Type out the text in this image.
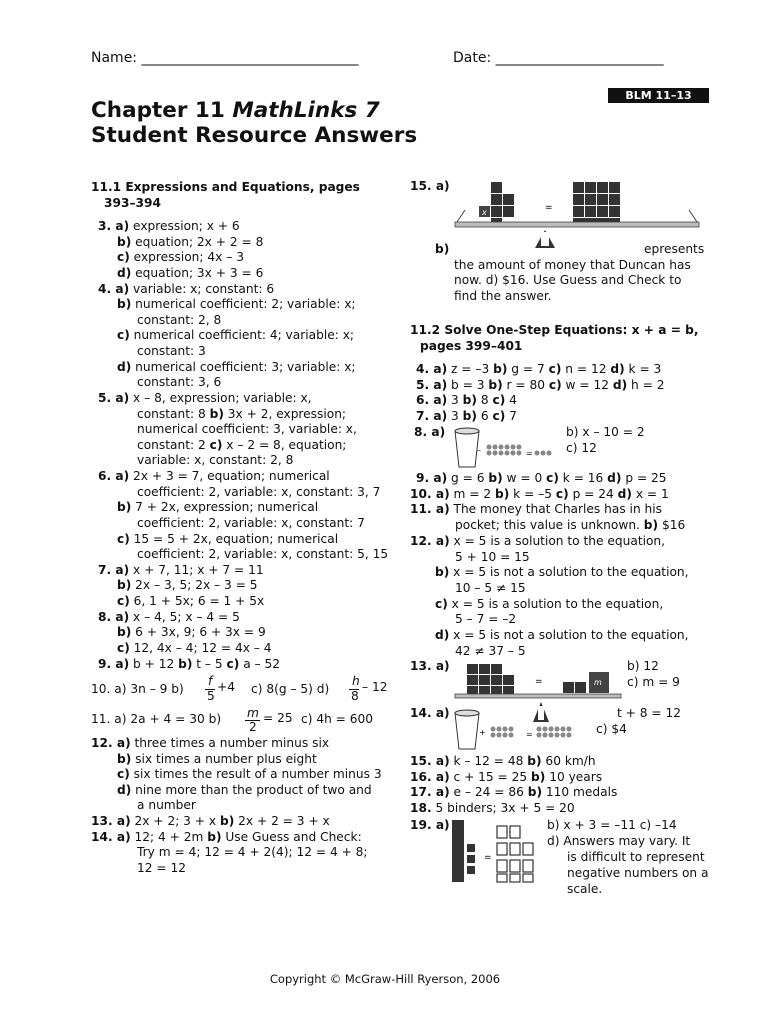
Name: _______________________________	Date: ________________________
BLM 11–13
Chapter 11 MathLinks 7
Student Resource Answers
11.1 Expressions and Equations, pages
393–394
3. a) expression; x + 6
b) equation; 2x + 2 = 8
c) expression; 4x – 3
d) equation; 3x + 3 = 6
4. a) variable: x; constant: 6
b) numerical coefficient: 2; variable: x;
constant: 2, 8
c) numerical coefficient: 4; variable: x;
constant: 3
d) numerical coefficient: 3; variable: x;
constant: 3, 6
5. a) x – 8, expression; variable: x,
constant: 8 b) 3x + 2, expression;
numerical coefficient: 3, variable: x,
constant: 2 c) x – 2 = 8, equation;
variable: x, constant: 2, 8
6. a) 2x + 3 = 7, equation; numerical
coefficient: 2, variable: x, constant: 3, 7
b) 7 + 2x, expression; numerical
coefficient: 2, variable: x, constant: 7
c) 15 = 5 + 2x, equation; numerical
coefficient: 2, variable: x, constant: 5, 15
7. a) x + 7, 11; x + 7 = 11
b) 2x – 3, 5; 2x – 3 = 5
c) 6, 1 + 5x; 6 = 1 + 5x
8. a) x – 4, 5; x – 4 = 5
b) 6 + 3x, 9; 6 + 3x = 9
c) 12, 4x – 4; 12 = 4x – 4
9. a) b + 12 b) t – 5 c) a – 52
10. a) 3n – 9 b)
f
5
+4 c) 8(g – 5) d)
h
8
– 12
11. a) 2a + 4 = 30 b) m
2
= 25 c) 4h = 600
12. a) three times a number minus six
b) six times a number plus eight
c) six times the result of a number minus 3
d) nine more than the product of two and
a number
13. a) 2x + 2; 3 + x b) 2x + 2 = 3 + x
14. a) 12; 4 + 2m b) Use Guess and Check:
Try m = 4; 12 = 4 + 2(4); 12 = 4 + 8;
12 = 12
15. a)
x	=
b)	epresents
the amount of money that Duncan has
now. d) $16. Use Guess and Check to
find the answer.
11.2 Solve One-Step Equations: x + a = b,
pages 399–401
4. a) z = –3 b) g = 7 c) n = 12 d) k = 3
5. a) b = 3 b) r = 80 c) w = 12 d) h = 2
6. a) 3 b) 8 c) 4
7. a) 3 b) 6 c) 7
8. a)
–	=
b) x – 10 = 2
c) 12
9. a) g = 6 b) w = 0 c) k = 16 d) p = 25
10. a) m = 2 b) k = –5 c) p = 24 d) x = 1
11. a) The money that Charles has in his
pocket; this value is unknown. b) $16
12. a) x = 5 is a solution to the equation,
5 + 10 = 15
b) x = 5 is not a solution to the equation,
10 – 5 ≠ 15
c) x = 5 is a solution to the equation,
5 – 7 = –2
d) x = 5 is not a solution to the equation,
42 ≠ 37 – 5
13. a)
=	m
b) 12
c) m = 9
14. a)
+	=
t + 8 = 12
c) $4
15. a) k – 12 = 48 b) 60 km/h
16. a) c + 15 = 25 b) 10 years
17. a) e – 24 = 86 b) 110 medals
18. 5 binders; 3x + 5 = 20
19. a)
=
b) x + 3 = –11 c) –14
d) Answers may vary. It
is difficult to represent
negative numbers on a
scale.
Copyright © McGraw-Hill Ryerson, 2006
